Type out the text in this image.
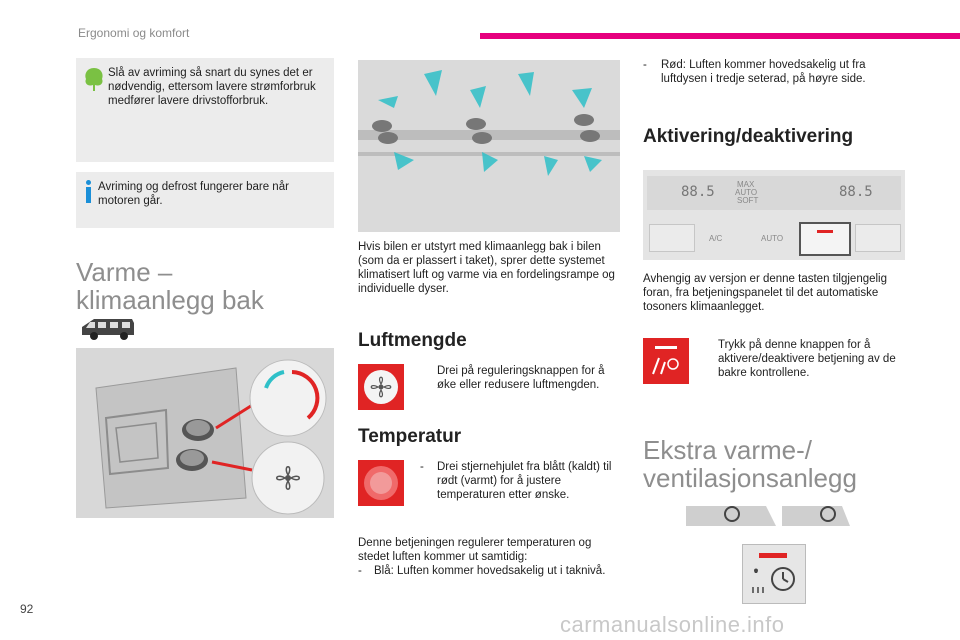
Ergonomi og komfort
Slå av avriming så snart du synes det er nødvendig, ettersom lavere strømforbruk medfører lavere drivstofforbruk.
Avriming og defrost fungerer bare når motoren går.
Varme –
klimaanlegg bak
Hvis bilen er utstyrt med klimaanlegg bak i bilen (som da er plassert i taket), sprer dette systemet klimatisert luft og varme via en fordelingsrampe og individuelle dyser.
Luftmengde
Drei på reguleringsknappen for å øke eller redusere luftmengden.
Temperatur
- Drei stjernehjulet fra blått (kaldt) til rødt (varmt) for å justere temperaturen etter ønske.
Denne betjeningen regulerer temperaturen og stedet luften kommer ut samtidig:
- Blå: Luften kommer hovedsakelig ut i taknivå.
- Rød: Luften kommer hovedsakelig ut fra luftdysen i tredje seterad, på høyre side.
Aktivering/deaktivering
88.5	MAX
AUTO
SOFT
88.5
A/C	AUTO
Avhengig av versjon er denne tasten tilgjengelig foran, fra betjeningspanelet til det automatiske tosoners klimaanlegget.
Trykk på denne knappen for å aktivere/deaktivere betjening av de bakre kontrollene.
Ekstra varme-/
ventilasjonsanlegg
92
carmanualsonline.info
